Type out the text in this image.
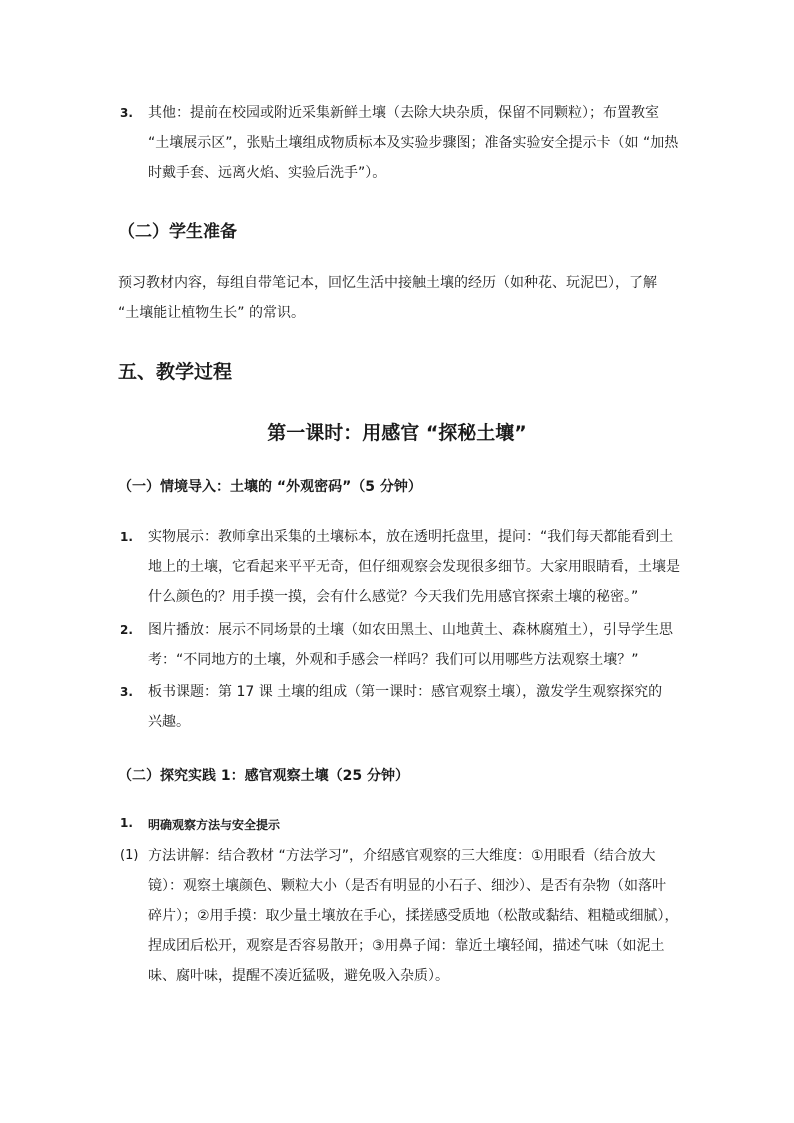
3. 其他：提前在校园或附近采集新鲜土壤（去除大块杂质，保留不同颗粒）；布置教室
“土壤展示区”，张贴土壤组成物质标本及实验步骤图；准备实验安全提示卡（如 “加热
时戴手套、远离火焰、实验后洗手”）。
（二）学生准备
预习教材内容，每组自带笔记本，回忆生活中接触土壤的经历（如种花、玩泥巴），了解
“土壤能让植物生长” 的常识。
五、教学过程
第一课时：用感官 “探秘土壤”
（一）情境导入：土壤的 “外观密码”（5 分钟）
1. 实物展示：教师拿出采集的土壤标本，放在透明托盘里，提问：“我们每天都能看到土
地上的土壤，它看起来平平无奇，但仔细观察会发现很多细节。大家用眼睛看，土壤是
什么颜色的？用手摸一摸，会有什么感觉？今天我们先用感官探索土壤的秘密。”
2. 图片播放：展示不同场景的土壤（如农田黑土、山地黄土、森林腐殖土），引导学生思
考：“不同地方的土壤，外观和手感会一样吗？我们可以用哪些方法观察土壤？”
3. 板书课题：第 17 课 土壤的组成（第一课时：感官观察土壤），激发学生观察探究的
兴趣。
（二）探究实践 1：感官观察土壤（25 分钟）
1. 明确观察方法与安全提示
(1) 方法讲解：结合教材 “方法学习”，介绍感官观察的三大维度：①用眼看（结合放大
镜）：观察土壤颜色、颗粒大小（是否有明显的小石子、细沙）、是否有杂物（如落叶
碎片）；②用手摸：取少量土壤放在手心，揉搓感受质地（松散或黏结、粗糙或细腻），
捏成团后松开，观察是否容易散开；③用鼻子闻：靠近土壤轻闻，描述气味（如泥土
味、腐叶味，提醒不凑近猛吸，避免吸入杂质）。
